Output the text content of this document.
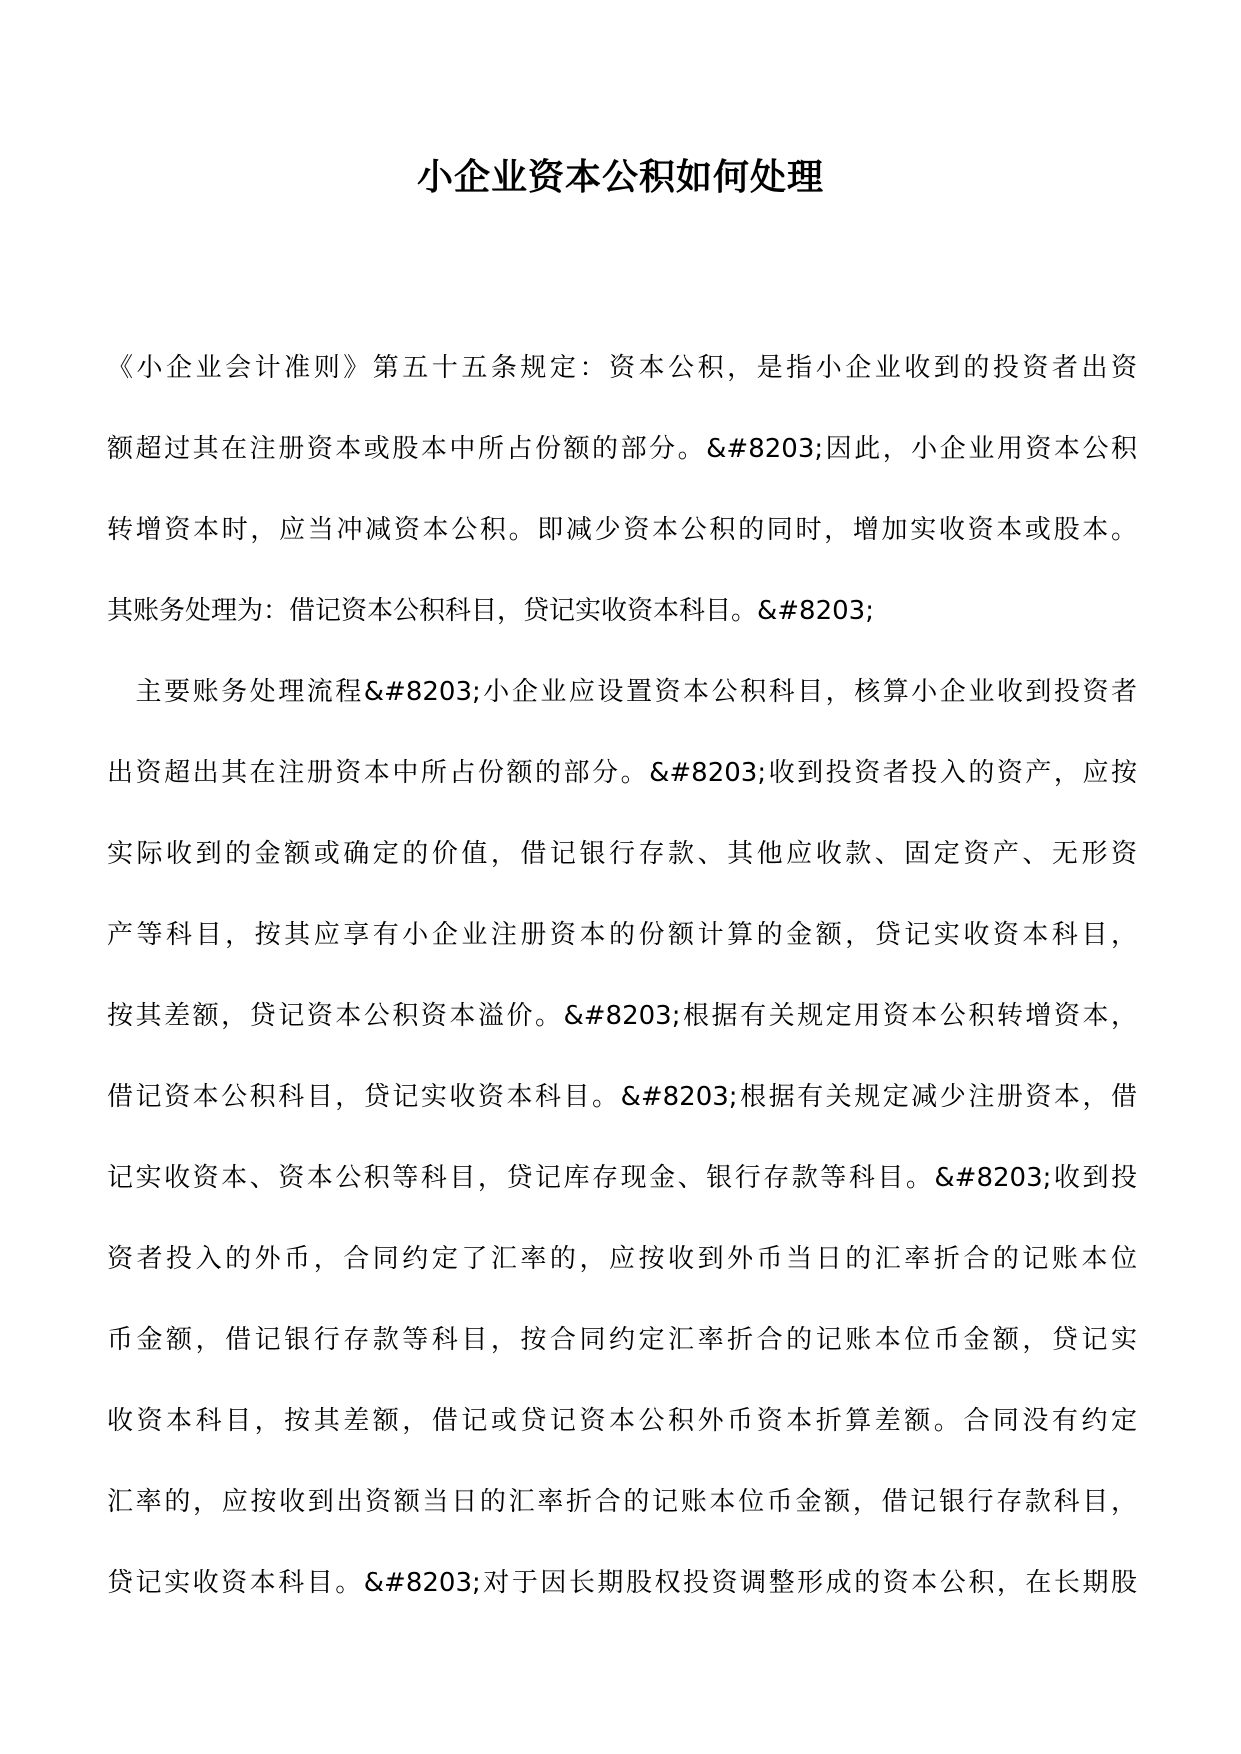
小企业资本公积如何处理
《小企业会计准则》第五十五条规定：资本公积，是指小企业收到的投资者出资
额超过其在注册资本或股本中所占份额的部分。&#8203;因此，小企业用资本公积
转增资本时，应当冲减资本公积。即减少资本公积的同时，增加实收资本或股本。
其账务处理为：借记资本公积科目，贷记实收资本科目。&#8203;
　主要账务处理流程&#8203;小企业应设置资本公积科目，核算小企业收到投资者
出资超出其在注册资本中所占份额的部分。&#8203;收到投资者投入的资产，应按
实际收到的金额或确定的价值，借记银行存款、其他应收款、固定资产、无形资
产等科目，按其应享有小企业注册资本的份额计算的金额，贷记实收资本科目，
按其差额，贷记资本公积资本溢价。&#8203;根据有关规定用资本公积转增资本，
借记资本公积科目，贷记实收资本科目。&#8203;根据有关规定减少注册资本，借
记实收资本、资本公积等科目，贷记库存现金、银行存款等科目。&#8203;收到投
资者投入的外币，合同约定了汇率的，应按收到外币当日的汇率折合的记账本位
币金额，借记银行存款等科目，按合同约定汇率折合的记账本位币金额，贷记实
收资本科目，按其差额，借记或贷记资本公积外币资本折算差额。合同没有约定
汇率的，应按收到出资额当日的汇率折合的记账本位币金额，借记银行存款科目，
贷记实收资本科目。&#8203;对于因长期股权投资调整形成的资本公积，在长期股
